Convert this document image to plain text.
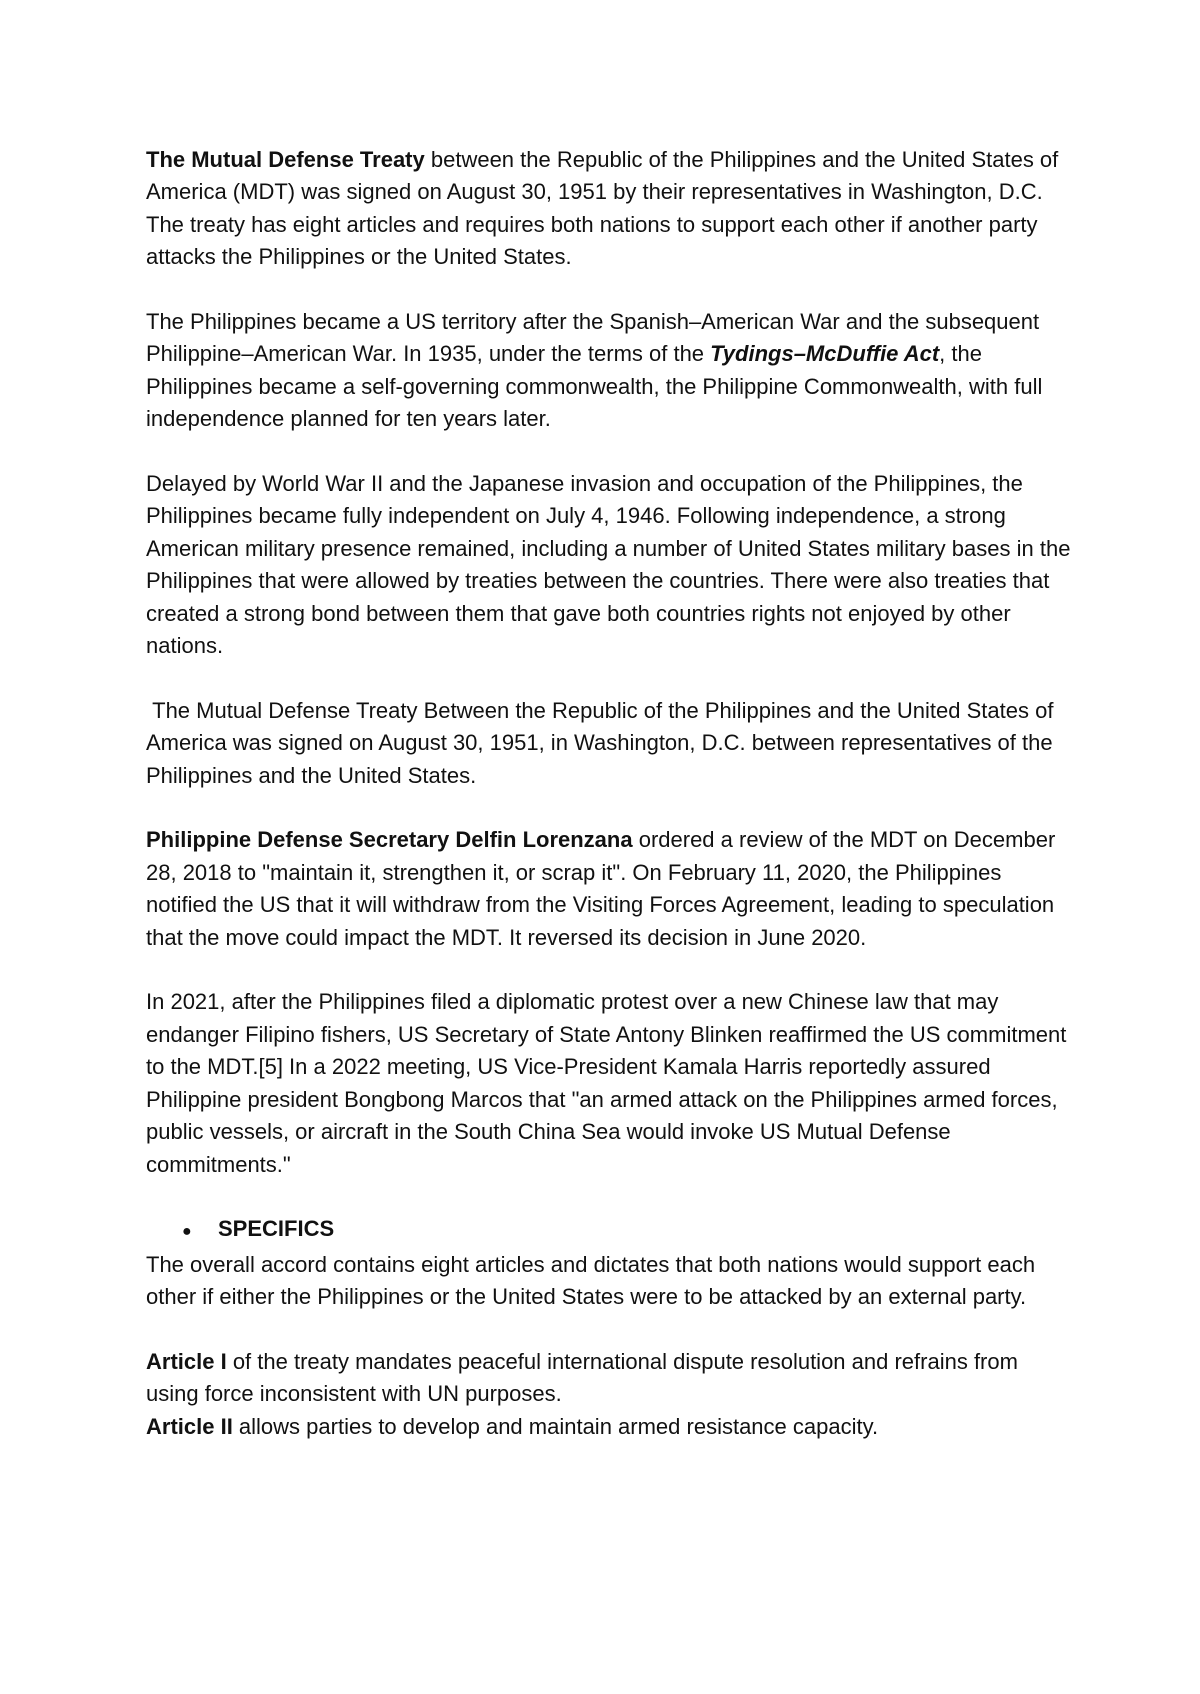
The Mutual Defense Treaty between the Republic of the Philippines and the United States of America (MDT) was signed on August 30, 1951 by their representatives in Washington, D.C. The treaty has eight articles and requires both nations to support each other if another party attacks the Philippines or the United States.

The Philippines became a US territory after the Spanish–American War and the subsequent Philippine–American War. In 1935, under the terms of the Tydings–McDuffie Act, the Philippines became a self-governing commonwealth, the Philippine Commonwealth, with full independence planned for ten years later.

Delayed by World War II and the Japanese invasion and occupation of the Philippines, the Philippines became fully independent on July 4, 1946. Following independence, a strong American military presence remained, including a number of United States military bases in the Philippines that were allowed by treaties between the countries. There were also treaties that created a strong bond between them that gave both countries rights not enjoyed by other nations.

The Mutual Defense Treaty Between the Republic of the Philippines and the United States of America was signed on August 30, 1951, in Washington, D.C. between representatives of the Philippines and the United States.

Philippine Defense Secretary Delfin Lorenzana ordered a review of the MDT on December 28, 2018 to "maintain it, strengthen it, or scrap it". On February 11, 2020, the Philippines notified the US that it will withdraw from the Visiting Forces Agreement, leading to speculation that the move could impact the MDT. It reversed its decision in June 2020.

In 2021, after the Philippines filed a diplomatic protest over a new Chinese law that may endanger Filipino fishers, US Secretary of State Antony Blinken reaffirmed the US commitment to the MDT.[5] In a 2022 meeting, US Vice-President Kamala Harris reportedly assured Philippine president Bongbong Marcos that "an armed attack on the Philippines armed forces, public vessels, or aircraft in the South China Sea would invoke US Mutual Defense commitments."

●	SPECIFICS

The overall accord contains eight articles and dictates that both nations would support each other if either the Philippines or the United States were to be attacked by an external party.

Article I of the treaty mandates peaceful international dispute resolution and refrains from using force inconsistent with UN purposes.

Article II allows parties to develop and maintain armed resistance capacity.
